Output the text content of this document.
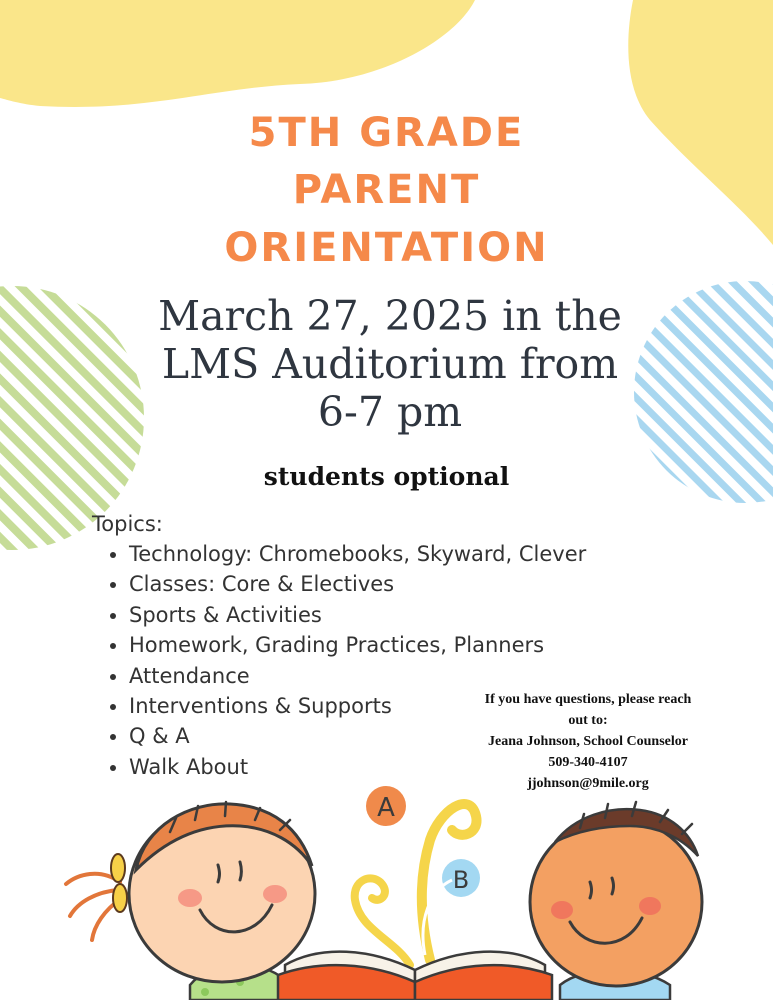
5TH GRADE
PARENT
ORIENTATION
March 27, 2025 in the
LMS Auditorium from
6-7 pm
students optional
Topics:
Technology: Chromebooks, Skyward, Clever
Classes: Core & Electives
Sports & Activities
Homework, Grading Practices, Planners
Attendance
Interventions & Supports
Q & A
Walk About
If you have questions, please reach
out to:
Jeana Johnson, School Counselor
509-340-4107
jjohnson@9mile.org
A
B
